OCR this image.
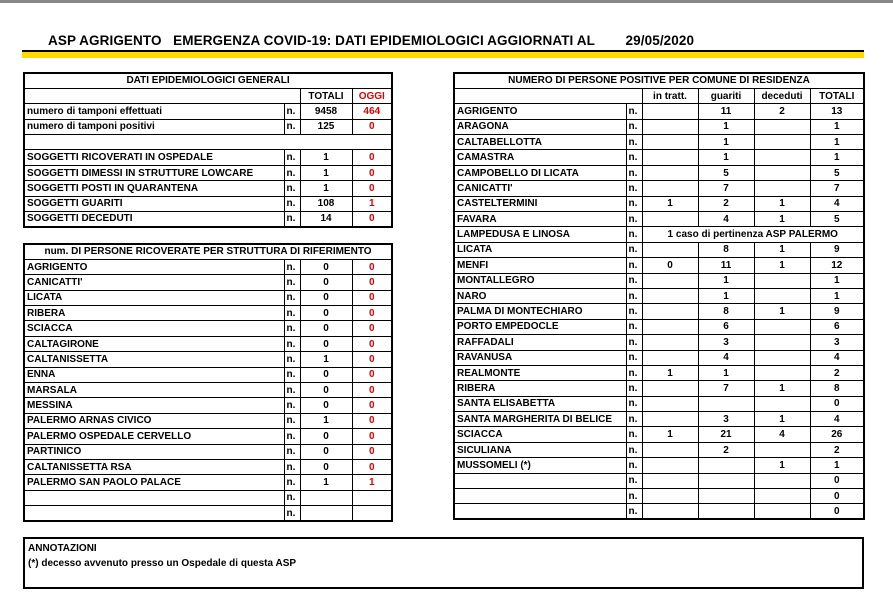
ASP AGRIGENTO EMERGENZA COVID-19: DATI EPIDEMIOLOGICI AGGIORNATI AL 29/05/2020
DATI EPIDEMIOLOGICI GENERALI			
		TOTALI	OGGI
numero di tamponi effettuati	n.	9458	464
numero di tamponi positivi	n.	125	0

SOGGETTI RICOVERATI IN OSPEDALE	n.	1	0
SOGGETTI DIMESSI IN STRUTTURE LOWCARE	n.	1	0
SOGGETTI POSTI IN QUARANTENA	n.	1	0
SOGGETTI GUARITI	n.	108	1
SOGGETTI DECEDUTI	n.	14	0
num. DI PERSONE RICOVERATE PER STRUTTURA DI RIFERIMENTO			
AGRIGENTO	n.	0	0
CANICATTI'	n.	0	0
LICATA	n.	0	0
RIBERA	n.	0	0
SCIACCA	n.	0	0
CALTAGIRONE	n.	0	0
CALTANISSETTA	n.	1	0
ENNA	n.	0	0
MARSALA	n.	0	0
MESSINA	n.	0	0
PALERMO ARNAS CIVICO	n.	1	0
PALERMO OSPEDALE CERVELLO	n.	0	0
PARTINICO	n.	0	0
CALTANISSETTA RSA	n.	0	0
PALERMO SAN PAOLO PALACE	n.	1	1
	n.		
	n.		
NUMERO DI PERSONE POSITIVE PER COMUNE DI RESIDENZA					
		in tratt.	guariti	deceduti	TOTALI
AGRIGENTO	n.		11	2	13
ARAGONA	n.		1		1
CALTABELLOTTA	n.		1		1
CAMASTRA	n.		1		1
CAMPOBELLO DI LICATA	n.		5		5
CANICATTI'	n.		7		7
CASTELTERMINI	n.	1	2	1	4
FAVARA	n.		4	1	5
LAMPEDUSA E LINOSA	n.	1 caso di pertinenza ASP PALERMO			
LICATA	n.		8	1	9
MENFI	n.	0	11	1	12
MONTALLEGRO	n.		1		1
NARO	n.		1		1
PALMA DI MONTECHIARO	n.		8	1	9
PORTO EMPEDOCLE	n.		6		6
RAFFADALI	n.		3		3
RAVANUSA	n.		4		4
REALMONTE	n.	1	1		2
RIBERA	n.		7	1	8
SANTA ELISABETTA	n.				0
SANTA MARGHERITA DI BELICE	n.		3	1	4
SCIACCA	n.	1	21	4	26
SICULIANA	n.		2		2
MUSSOMELI (*)	n.			1	1
	n.				0
	n.				0
	n.				0
ANNOTAZIONI
(*) decesso avvenuto presso un Ospedale di questa ASP
